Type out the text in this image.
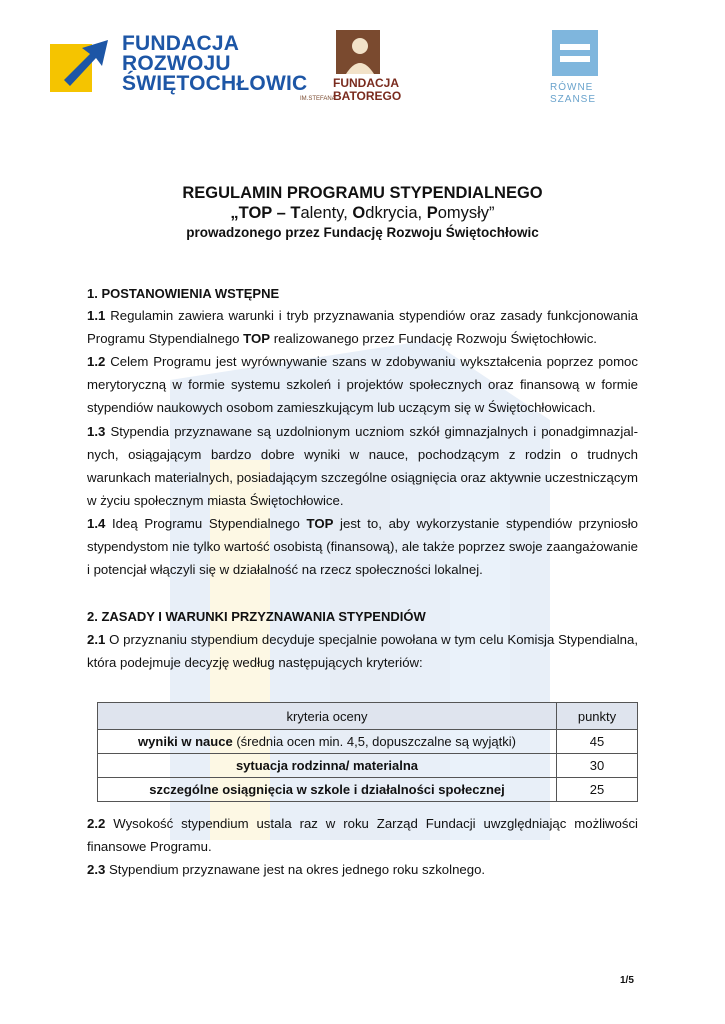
FUNDACJA
ROZWOJU
ŚWIĘTOCHŁOWIC
IM.STEFANA
FUNDACJA
BATOREGO
RÓWNE
SZANSE
REGULAMIN PROGRAMU STYPENDIALNEGO
„TOP – Talenty, Odkrycia, Pomysły”
prowadzonego przez Fundację Rozwoju Świętochłowic
1. POSTANOWIENIA WSTĘPNE
1.1 Regulamin zawiera warunki i tryb przyznawania stypendiów oraz zasady funkcjonowania Programu Stypendialnego TOP realizowanego przez Fundację Rozwoju Świętochłowic.
1.2 Celem Programu jest wyrównywanie szans w zdobywaniu wykształcenia poprzez pomoc merytoryczną w formie systemu szkoleń i projektów społecznych oraz finansową w formie stypendiów naukowych osobom zamieszkującym lub uczącym się w Świętochłowicach.
1.3 Stypendia przyznawane są uzdolnionym uczniom szkół gimnazjalnych i ponadgimnazjal-nych, osiągającym bardzo dobre wyniki w nauce, pochodzącym z rodzin o trudnych warunkach materialnych, posiadającym szczególne osiągnięcia oraz aktywnie uczestniczącym w życiu społecznym miasta Świętochłowice.
1.4 Ideą Programu Stypendialnego TOP jest to, aby wykorzystanie stypendiów przyniosło stypendystom nie tylko wartość osobistą (finansową), ale także poprzez swoje zaangażowanie i potencjał włączyli się w działalność na rzecz społeczności lokalnej.
2. ZASADY I WARUNKI PRZYZNAWANIA STYPENDIÓW
2.1 O przyznaniu stypendium decyduje specjalnie powołana w tym celu Komisja Stypendialna, która podejmuje decyzję według następujących kryteriów:
kryteria oceny	punkty
wyniki w nauce (średnia ocen min. 4,5, dopuszczalne są wyjątki)	45
sytuacja rodzinna/ materialna	30
szczególne osiągnięcia w szkole i działalności społecznej	25
2.2 Wysokość stypendium ustala raz w roku Zarząd Fundacji uwzględniając możliwości finansowe Programu.
2.3 Stypendium przyznawane jest na okres jednego roku szkolnego.
1/5
